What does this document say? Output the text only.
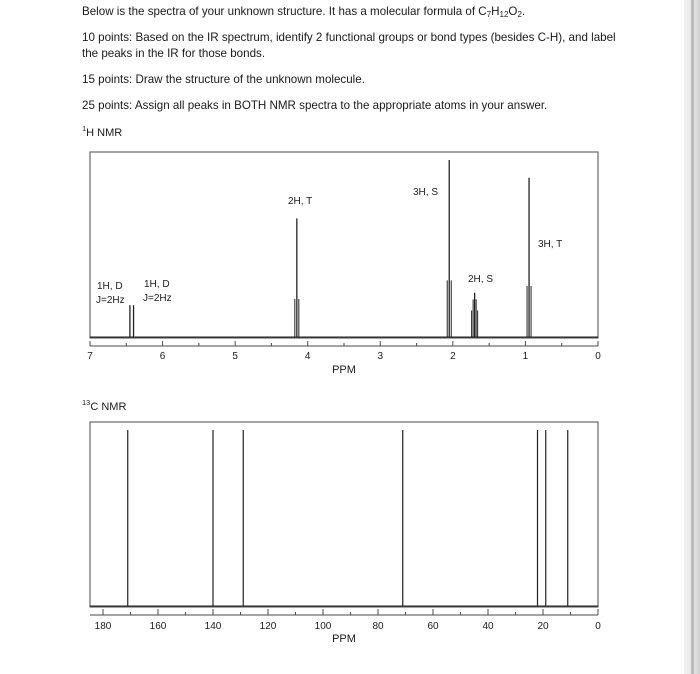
Below is the spectra of your unknown structure. It has a molecular formula of $C_7H_{12}O_2$.
10 points: Based on the IR spectrum, identify 2 functional groups or bond types (besides C-H), and label the peaks in the IR for those bonds.
15 points: Draw the structure of the unknown molecule.
25 points: Assign all peaks in BOTH NMR spectra to the appropriate atoms in your answer.
$^1$H NMR
$^{13}$C NMR
7	6	5	4	3	2	1	0
1H, D
J=2Hz
1H, D
J=2Hz
2H, T
3H, S
2H, S
3H, T
PPM
180	160	140	120	100	80	60	40	20	0
PPM
